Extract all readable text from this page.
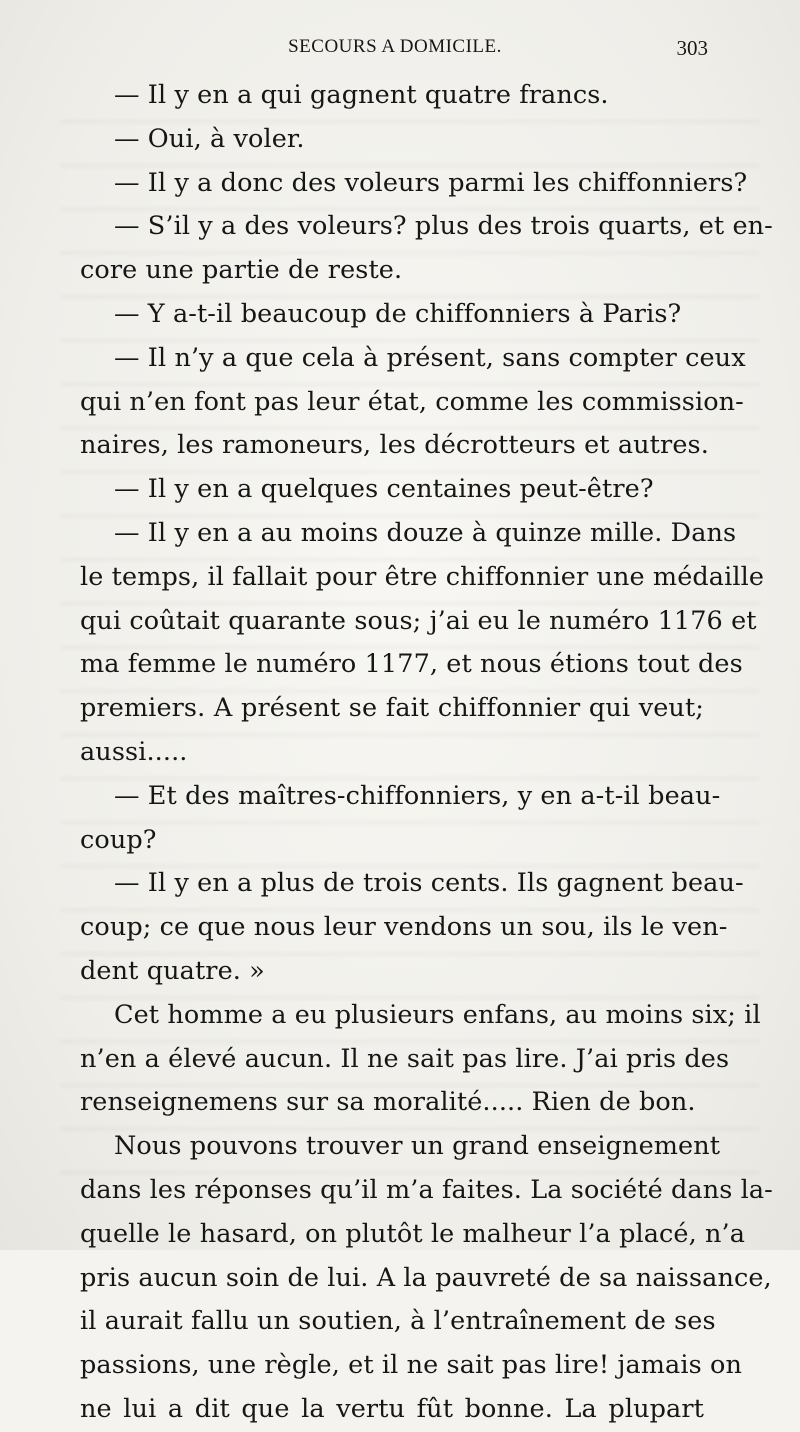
SECOURS A DOMICILE.	303
— Il y en a qui gagnent quatre francs.
— Oui, à voler.
— Il y a donc des voleurs parmi les chiffonniers?
— S’il y a des voleurs? plus des trois quarts, et en-
core une partie de reste.
— Y a-t-il beaucoup de chiffonniers à Paris?
— Il n’y a que cela à présent, sans compter ceux
qui n’en font pas leur état, comme les commission-
naires, les ramoneurs, les décrotteurs et autres.
— Il y en a quelques centaines peut-être?
— Il y en a au moins douze à quinze mille. Dans
le temps, il fallait pour être chiffonnier une médaille
qui coûtait quarante sous; j’ai eu le numéro 1176 et
ma femme le numéro 1177, et nous étions tout des
premiers. A présent se fait chiffonnier qui veut;
aussi.....
— Et des maîtres-chiffonniers, y en a-t-il beau-
coup?
— Il y en a plus de trois cents. Ils gagnent beau-
coup; ce que nous leur vendons un sou, ils le ven-
dent quatre. »
Cet homme a eu plusieurs enfans, au moins six; il
n’en a élevé aucun. Il ne sait pas lire. J’ai pris des
renseignemens sur sa moralité..... Rien de bon.
Nous pouvons trouver un grand enseignement
dans les réponses qu’il m’a faites. La société dans la-
quelle le hasard, on plutôt le malheur l’a placé, n’a
pris aucun soin de lui. A la pauvreté de sa naissance,
il aurait fallu un soutien, à l’entraînement de ses
passions, une règle, et il ne sait pas lire! jamais on
ne lui a dit que la vertu fût bonne. La plupart
